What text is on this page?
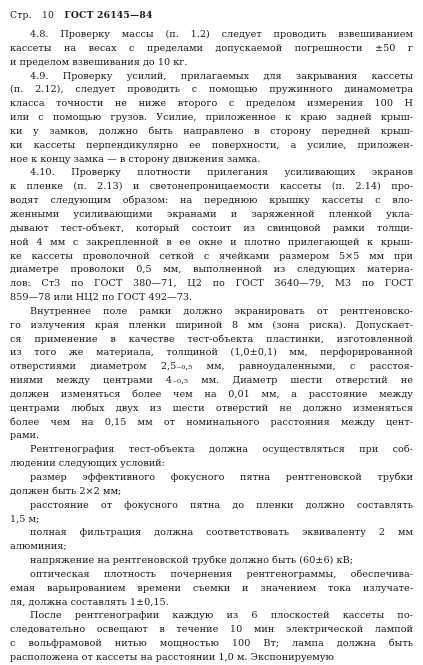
Стр. 10 ГОСТ 26145—84
4.8. Проверку массы (п. 1.2) следует проводить взвешиванием
кассеты на весах с пределами допускаемой погрешности ±50 г
и пределом взвешивания до 10 кг.
4.9. Проверку усилий, прилагаемых для закрывания кассеты
(п. 2.12), следует проводить с помощью пружинного динамометра
класса точности не ниже второго с пределом измерения 100 Н
или с помощью грузов. Усилие, приложенное к краю задней крыш-
ки у замков, должно быть направлено в сторону передней крыш-
ки кассеты перпендикулярно ее поверхности, а усилие, приложен-
ное к концу замка — в сторону движения замка.
4.10. Проверку плотности прилегания усиливающих экранов
к пленке (п. 2.13) и светонепроницаемости кассеты (п. 2.14) про-
водят следующим образом: на переднюю крышку кассеты с вло-
женными усиливающими экранами и заряженной пленкой укла-
дывают тест-объект, который состоит из свинцовой рамки толщи-
ной 4 мм с закрепленной в ее окне и плотно прилегающей к крыш-
ке кассеты проволочной сеткой с ячейками размером 5×5 мм при
диаметре проволоки 0,5 мм, выполненной из следующих материа-
лов: Ст3 по ГОСТ 380—71, Ц2 по ГОСТ 3640—79, М3 по ГОСТ
859—78 или НЦ2 по ГОСТ 492—73.
Внутреннее поле рамки должно экранировать от рентгеновско-
го излучения края пленки шириной 8 мм (зона риска). Допускает-
ся применение в качестве тест-объекта пластинки, изготовленной
из того же материала, толщиной (1,0±0,1) мм, перфорированной
отверстиями диаметром 2,5₋₀,₅ мм, равноудаленными, с расстоя-
ниями между центрами 4₋₀,₅ мм. Диаметр шести отверстий не
должен изменяться более чем на 0,01 мм, а расстояние между
центрами любых двух из шести отверстий не должно изменяться
более чем на 0,15 мм от номинального расстояния между цент-
рами.
Рентгенография тест-объекта должна осуществляться при соб-
людении следующих условий:
размер эффективного фокусного пятна рентгеновской трубки
должен быть 2×2 мм;
расстояние от фокусного пятна до пленки должно составлять
1,5 м;
полная фильтрация должна соответствовать эквиваленту 2 мм
алюминия;
напряжение на рентгеновской трубке должно быть (60±6) кВ;
оптическая плотность почернения рентгенограммы, обеспечива-
емая варьированием времени съемки и значением тока излучате-
ля, должна составлять 1±0,15.
После рентгенографии каждую из 6 плоскостей кассеты по-
следовательно освещают в течение 10 мин электрической лампой
с вольфрамовой нитью мощностью 100 Вт; лампа должна быть
расположена от кассеты на расстоянии 1,0 м. Экспонируемую
